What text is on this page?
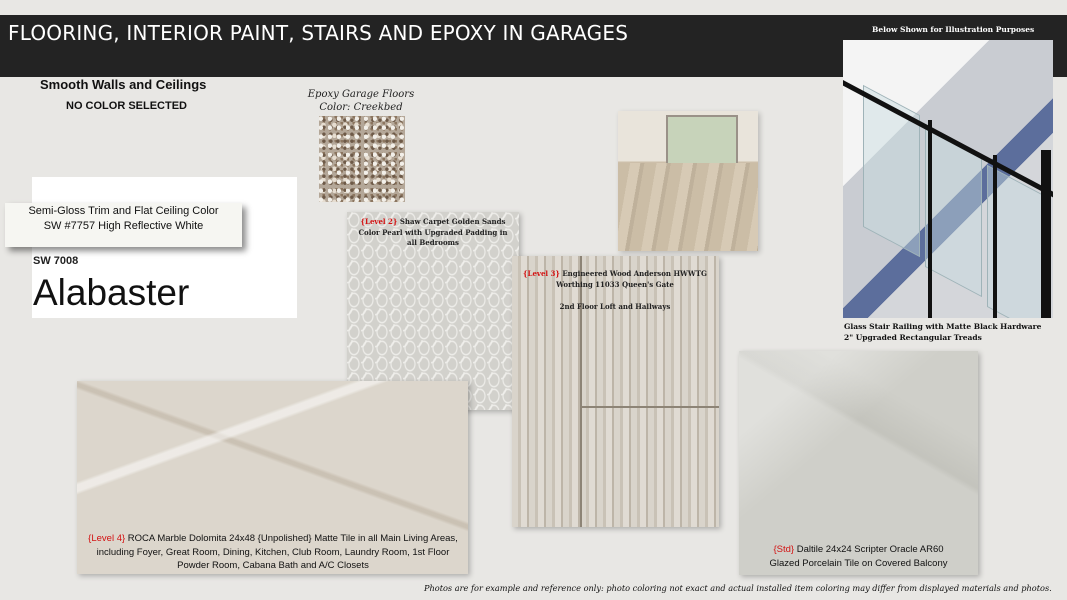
FLOORING, INTERIOR PAINT, STAIRS AND EPOXY IN GARAGES	Below Shown for Illustration Purposes
Smooth Walls and Ceilings
NO COLOR SELECTED
SW 7008
Alabaster
Semi-Gloss Trim and Flat Ceiling Color
SW #7757 High Reflective White
Epoxy Garage Floors
Color: Creekbed
{Level 2} Shaw Carpet Golden Sands Color Pearl with Upgraded Padding in all Bedrooms
{Level 3} Engineered Wood Anderson HWWTG Worthing 11033 Queen's Gate
2nd Floor Loft and Hallways
Glass Stair Railing with Matte Black Hardware
2" Upgraded Rectangular Treads
{Level 4} ROCA Marble Dolomita 24x48 {Unpolished} Matte Tile in all Main Living Areas, including Foyer, Great Room, Dining, Kitchen, Club Room, Laundry Room, 1st Floor Powder Room, Cabana Bath and A/C Closets
{Std} Daltile 24x24 Scripter Oracle AR60
Glazed Porcelain Tile on Covered Balcony
Photos are for example and reference only: photo coloring not exact and actual installed item coloring may differ from displayed materials and photos.
